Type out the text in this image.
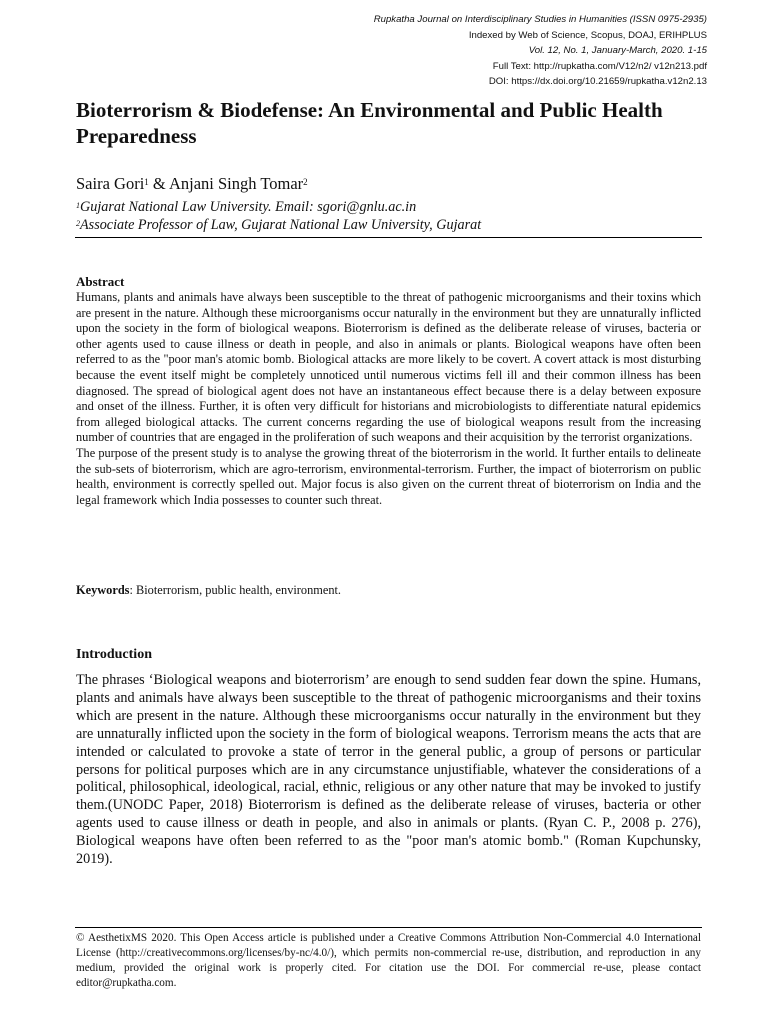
Rupkatha Journal on Interdisciplinary Studies in Humanities (ISSN 0975-2935)
Indexed by Web of Science, Scopus, DOAJ, ERIHPLUS
Vol. 12, No. 1, January-March, 2020. 1-15
Full Text: http://rupkatha.com/V12/n2/ v12n213.pdf
DOI: https://dx.doi.org/10.21659/rupkatha.v12n2.13
Bioterrorism & Biodefense: An Environmental and Public Health Preparedness
Saira Gori$^1$ & Anjani Singh Tomar$^2$
$^1$Gujarat National Law University. Email: sgori@gnlu.ac.in
$^2$Associate Professor of Law, Gujarat National Law University, Gujarat
Abstract

Humans, plants and animals have always been susceptible to the threat of pathogenic microorganisms and their toxins which are present in the nature. Although these microorganisms occur naturally in the environment but they are unnaturally inflicted upon the society in the form of biological weapons. Bioterrorism is defined as the deliberate release of viruses, bacteria or other agents used to cause illness or death in people, and also in animals or plants. Biological weapons have often been referred to as the "poor man's atomic bomb. Biological attacks are more likely to be covert. A covert attack is most disturbing because the event itself might be completely unnoticed until numerous victims fell ill and their common illness has been diagnosed. The spread of biological agent does not have an instantaneous effect because there is a delay between exposure and onset of the illness. Further, it is often very difficult for historians and microbiologists to differentiate natural epidemics from alleged biological attacks. The current concerns regarding the use of biological weapons result from the increasing number of countries that are engaged in the proliferation of such weapons and their acquisition by the terrorist organizations.

The purpose of the present study is to analyse the growing threat of the bioterrorism in the world. It further entails to delineate the sub-sets of bioterrorism, which are agro-terrorism, environmental-terrorism. Further, the impact of bioterrorism on public health, environment is correctly spelled out. Major focus is also given on the current threat of bioterrorism on India and the legal framework which India possesses to counter such threat.

Keywords: Bioterrorism, public health, environment.
Introduction

The phrases ‘Biological weapons and bioterrorism’ are enough to send sudden fear down the spine. Humans, plants and animals have always been susceptible to the threat of pathogenic microorganisms and their toxins which are present in the nature. Although these microorganisms occur naturally in the environment but they are unnaturally inflicted upon the society in the form of biological weapons. Terrorism means the acts that are intended or calculated to provoke a state of terror in the general public, a group of persons or particular persons for political purposes which are in any circumstance unjustifiable, whatever the considerations of a political, philosophical, ideological, racial, ethnic, religious or any other nature that may be invoked to justify them.(UNODC Paper, 2018) Bioterrorism is defined as the deliberate release of viruses, bacteria or other agents used to cause illness or death in people, and also in animals or plants. (Ryan C. P., 2008 p. 276), Biological weapons have often been referred to as the "poor man's atomic bomb." (Roman Kupchunsky, 2019).

© AesthetixMS 2020. This Open Access article is published under a Creative Commons Attribution Non-Commercial 4.0 International License (http://creativecommons.org/licenses/by-nc/4.0/), which permits non-commercial re-use, distribution, and reproduction in any medium, provided the original work is properly cited. For citation use the DOI. For commercial re-use, please contact editor@rupkatha.com.
